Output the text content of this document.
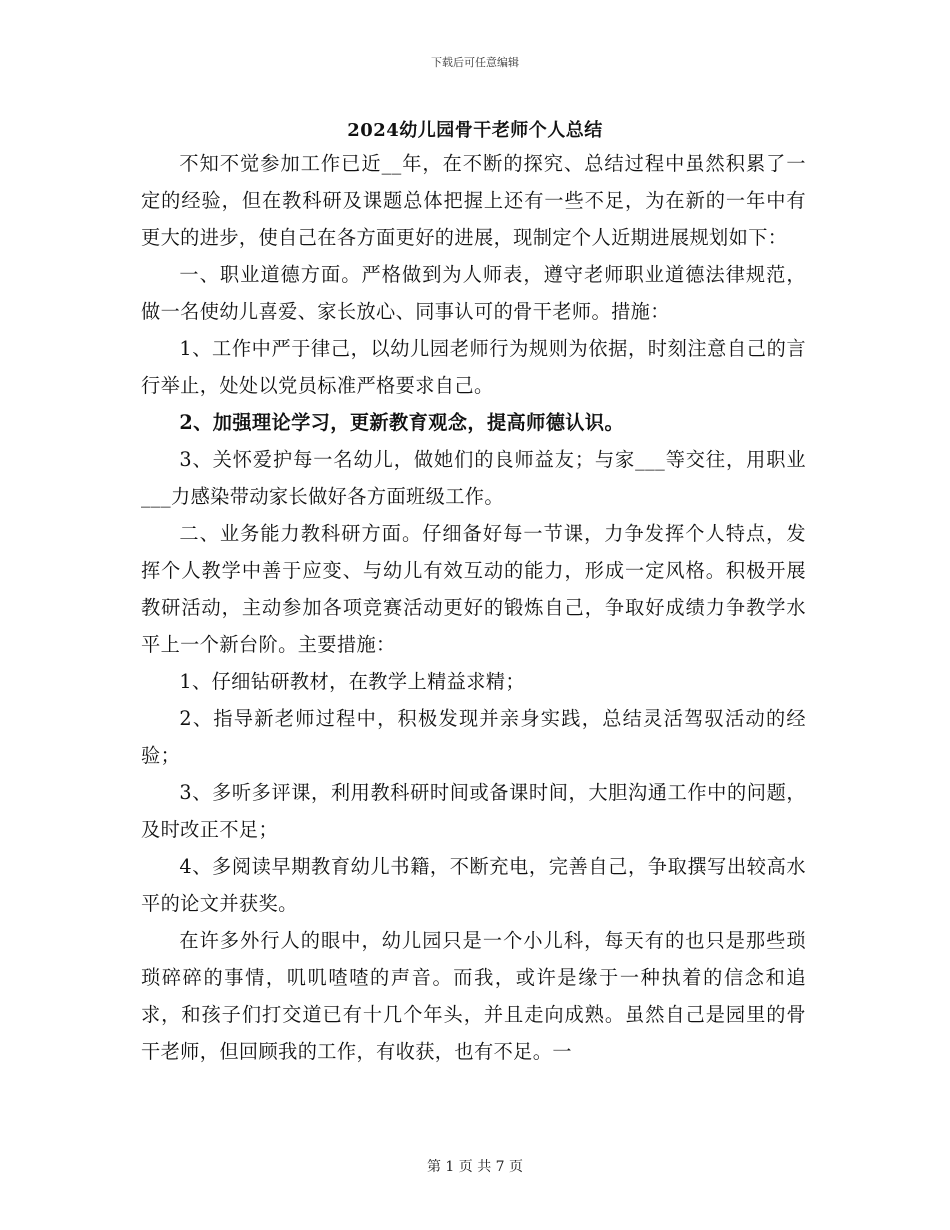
下载后可任意编辑
2024幼儿园骨干老师个人总结

不知不觉参加工作已近__年，在不断的探究、总结过程中虽然积累了一定的经验，但在教科研及课题总体把握上还有一些不足，为在新的一年中有更大的进步，使自己在各方面更好的进展，现制定个人近期进展规划如下：

一、职业道德方面。严格做到为人师表，遵守老师职业道德法律规范，做一名使幼儿喜爱、家长放心、同事认可的骨干老师。措施：

1、工作中严于律己，以幼儿园老师行为规则为依据，时刻注意自己的言行举止，处处以党员标准严格要求自己。

2、加强理论学习，更新教育观念，提高师德认识。

3、关怀爱护每一名幼儿，做她们的良师益友；与家___等交往，用职业___力感染带动家长做好各方面班级工作。

二、业务能力教科研方面。仔细备好每一节课，力争发挥个人特点，发挥个人教学中善于应变、与幼儿有效互动的能力，形成一定风格。积极开展教研活动，主动参加各项竞赛活动更好的锻炼自己，争取好成绩力争教学水平上一个新台阶。主要措施：

1、仔细钻研教材，在教学上精益求精；

2、指导新老师过程中，积极发现并亲身实践，总结灵活驾驭活动的经验；

3、多听多评课，利用教科研时间或备课时间，大胆沟通工作中的问题，及时改正不足；

4、多阅读早期教育幼儿书籍，不断充电，完善自己，争取撰写出较高水平的论文并获奖。

在许多外行人的眼中，幼儿园只是一个小儿科，每天有的也只是那些琐琐碎碎的事情，叽叽喳喳的声音。而我，或许是缘于一种执着的信念和追求，和孩子们打交道已有十几个年头，并且走向成熟。虽然自己是园里的骨干老师，但回顾我的工作，有收获，也有不足。一

第 1 页 共 7 页
